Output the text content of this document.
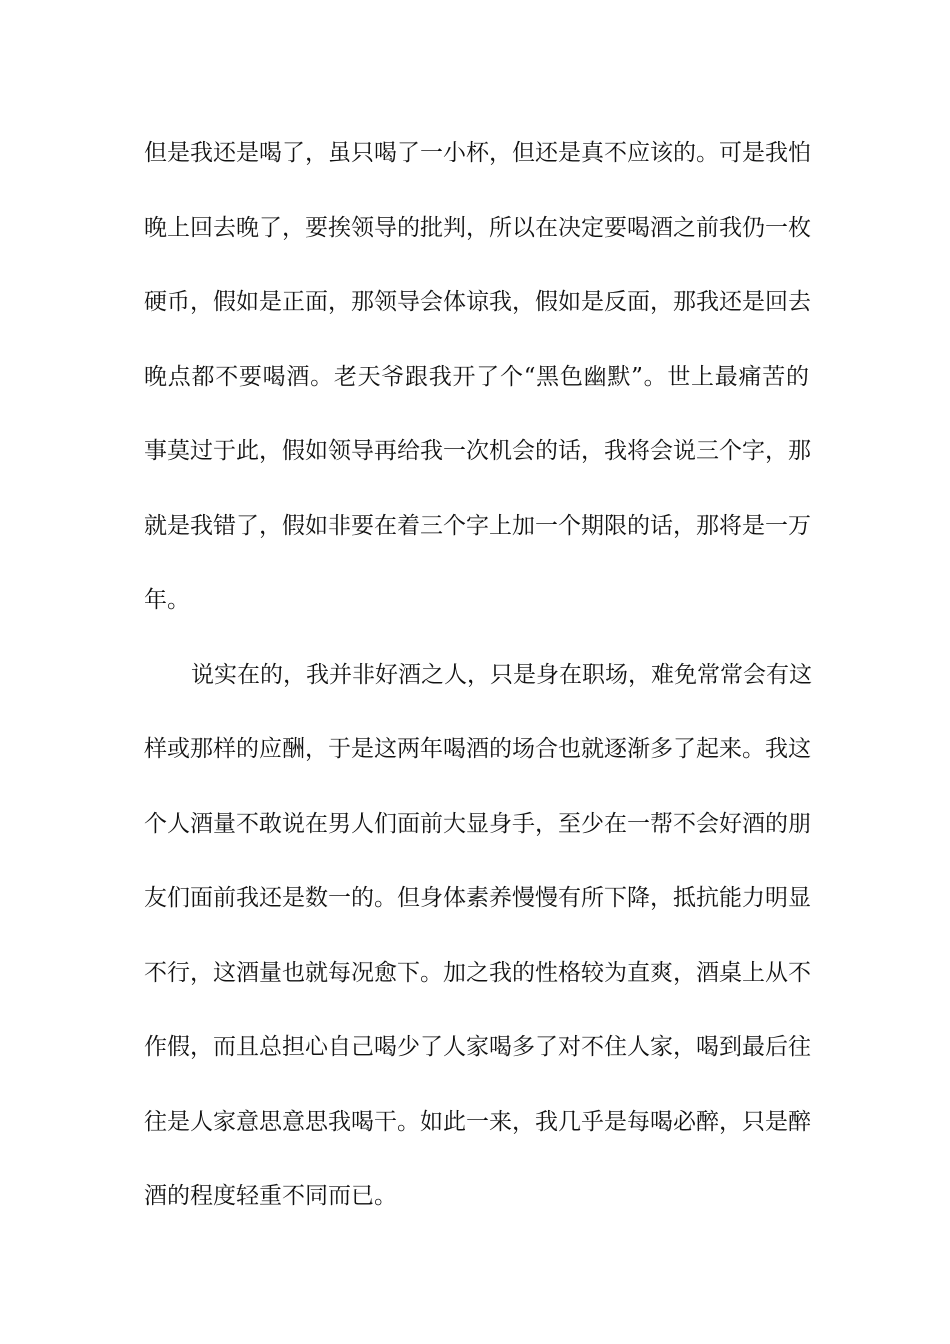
但是我还是喝了，虽只喝了一小杯，但还是真不应该的。可是我怕
晚上回去晚了，要挨领导的批判，所以在决定要喝酒之前我仍一枚
硬币，假如是正面，那领导会体谅我，假如是反面，那我还是回去
晚点都不要喝酒。老天爷跟我开了个“黑色幽默”。世上最痛苦的
事莫过于此，假如领导再给我一次机会的话，我将会说三个字，那
就是我错了，假如非要在着三个字上加一个期限的话，那将是一万
年。
说实在的，我并非好酒之人，只是身在职场，难免常常会有这
样或那样的应酬，于是这两年喝酒的场合也就逐渐多了起来。我这
个人酒量不敢说在男人们面前大显身手，至少在一帮不会好酒的朋
友们面前我还是数一的。但身体素养慢慢有所下降，抵抗能力明显
不行，这酒量也就每况愈下。加之我的性格较为直爽，酒桌上从不
作假，而且总担心自己喝少了人家喝多了对不住人家，喝到最后往
往是人家意思意思我喝干。如此一来，我几乎是每喝必醉，只是醉
酒的程度轻重不同而已。
